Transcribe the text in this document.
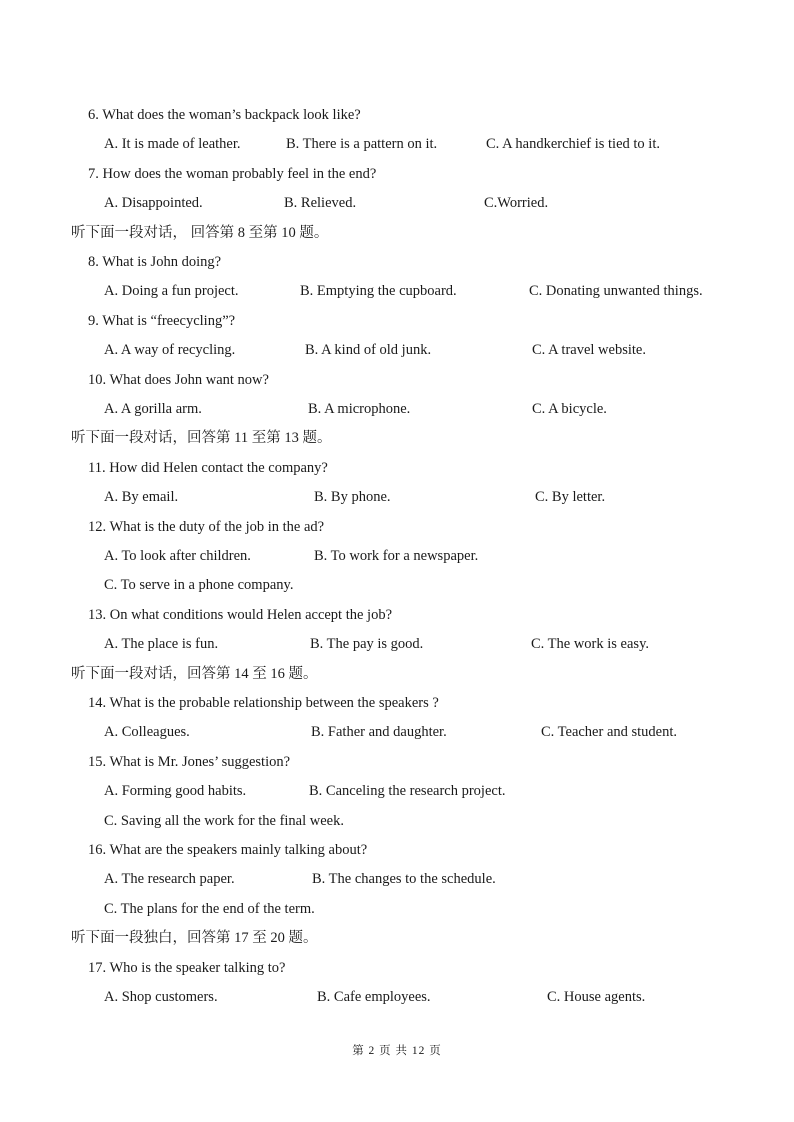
6. What does the woman’s backpack look like?
A. It is made of leather.	B. There is a pattern on it.	C. A handkerchief is tied to it.
7. How does the woman probably feel in the end?
A. Disappointed.	B. Relieved.	C.Worried.
听下面一段对话， 回答第 8 至第 10 题。
8. What is John doing?
A. Doing a fun project.	B. Emptying the cupboard.	C. Donating unwanted things.
9. What is “freecycling”?
A. A way of recycling.	B. A kind of old junk.	C. A travel website.
10. What does John want now?
A. A gorilla arm.	B. A microphone.	C. A bicycle.
听下面一段对话，回答第 11 至第 13 题。
11. How did Helen contact the company?
A. By email.	B. By phone.	C. By letter.
12. What is the duty of the job in the ad?
A. To look after children.	B. To work for a newspaper.
C. To serve in a phone company.
13. On what conditions would Helen accept the job?
A. The place is fun.	B. The pay is good.	C. The work is easy.
听下面一段对话，回答第 14 至 16 题。
14. What is the probable relationship between the speakers ?
A. Colleagues.	B. Father and daughter.	C. Teacher and student.
15. What is Mr. Jones’ suggestion?
A. Forming good habits.	B. Canceling the research project.
C. Saving all the work for the final week.
16. What are the speakers mainly talking about?
A. The research paper.	B. The changes to the schedule.
C. The plans for the end of the term.
听下面一段独白，回答第 17 至 20 题。
17. Who is the speaker talking to?
A. Shop customers.	B. Cafe employees.	C. House agents.
第 2 页 共 12 页
